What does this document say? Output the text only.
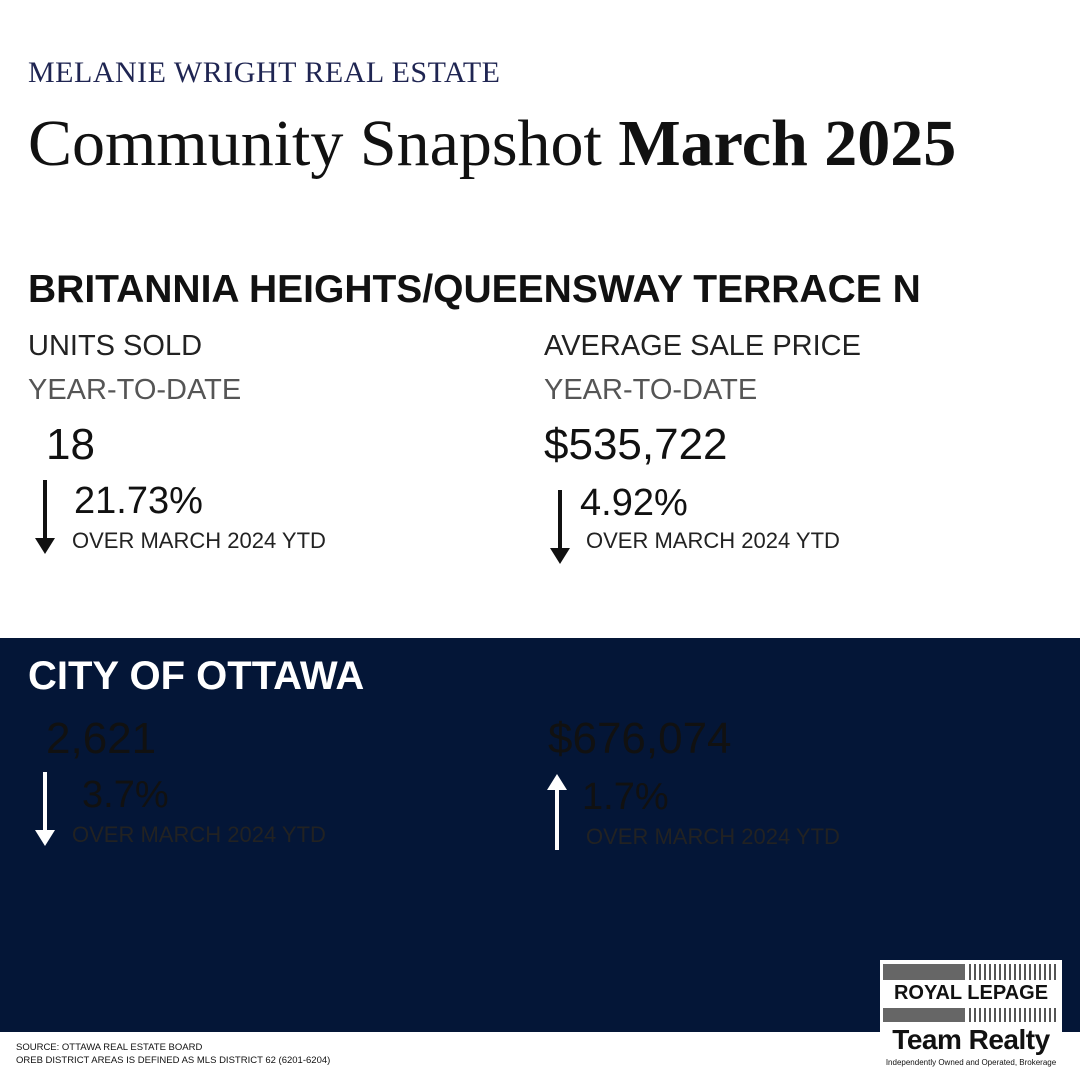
MELANIE WRIGHT REAL ESTATE
Community Snapshot March 2025
BRITANNIA HEIGHTS/QUEENSWAY TERRACE N
UNITS SOLD
YEAR-TO-DATE
18
21.73%
OVER MARCH 2024 YTD
AVERAGE SALE PRICE
YEAR-TO-DATE
$535,722
4.92%
OVER MARCH 2024 YTD
CITY OF OTTAWA
2,621
3.7%
OVER MARCH 2024 YTD
$676,074
1.7%
OVER MARCH 2024 YTD
SOURCE: OTTAWA REAL ESTATE BOARD
OREB DISTRICT AREAS IS DEFINED AS MLS DISTRICT 62 (6201-6204)
ROYAL LEPAGE
Team Realty
Independently Owned and Operated, Brokerage
